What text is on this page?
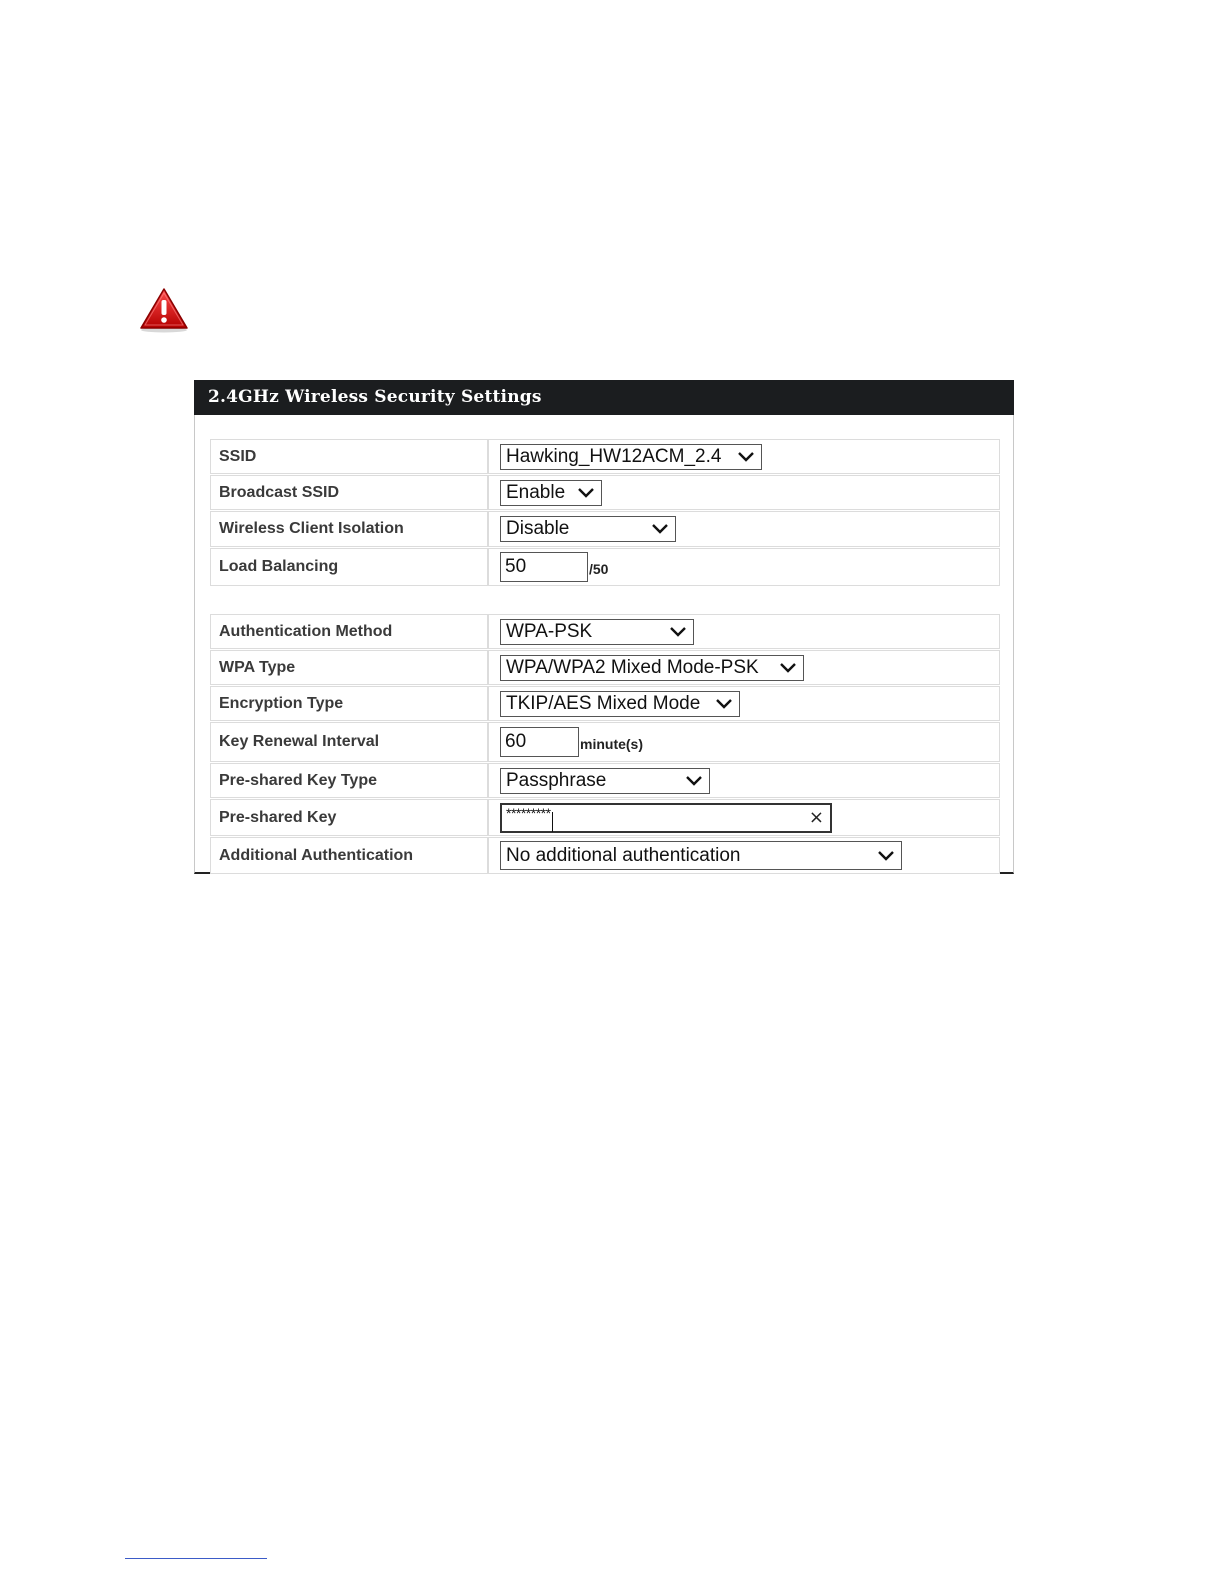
2.4GHz Wireless Security Settings
SSID	Hawking_HW12ACM_2.4
Broadcast SSID	Enable
Wireless Client Isolation	Disable
Load Balancing	50	/50
Authentication Method	WPA-PSK
WPA Type	WPA/WPA2 Mixed Mode-PSK
Encryption Type	TKIP/AES Mixed Mode
Key Renewal Interval	60	minute(s)
Pre-shared Key Type	Passphrase
Pre-shared Key	*********	×
Additional Authentication	No additional authentication
